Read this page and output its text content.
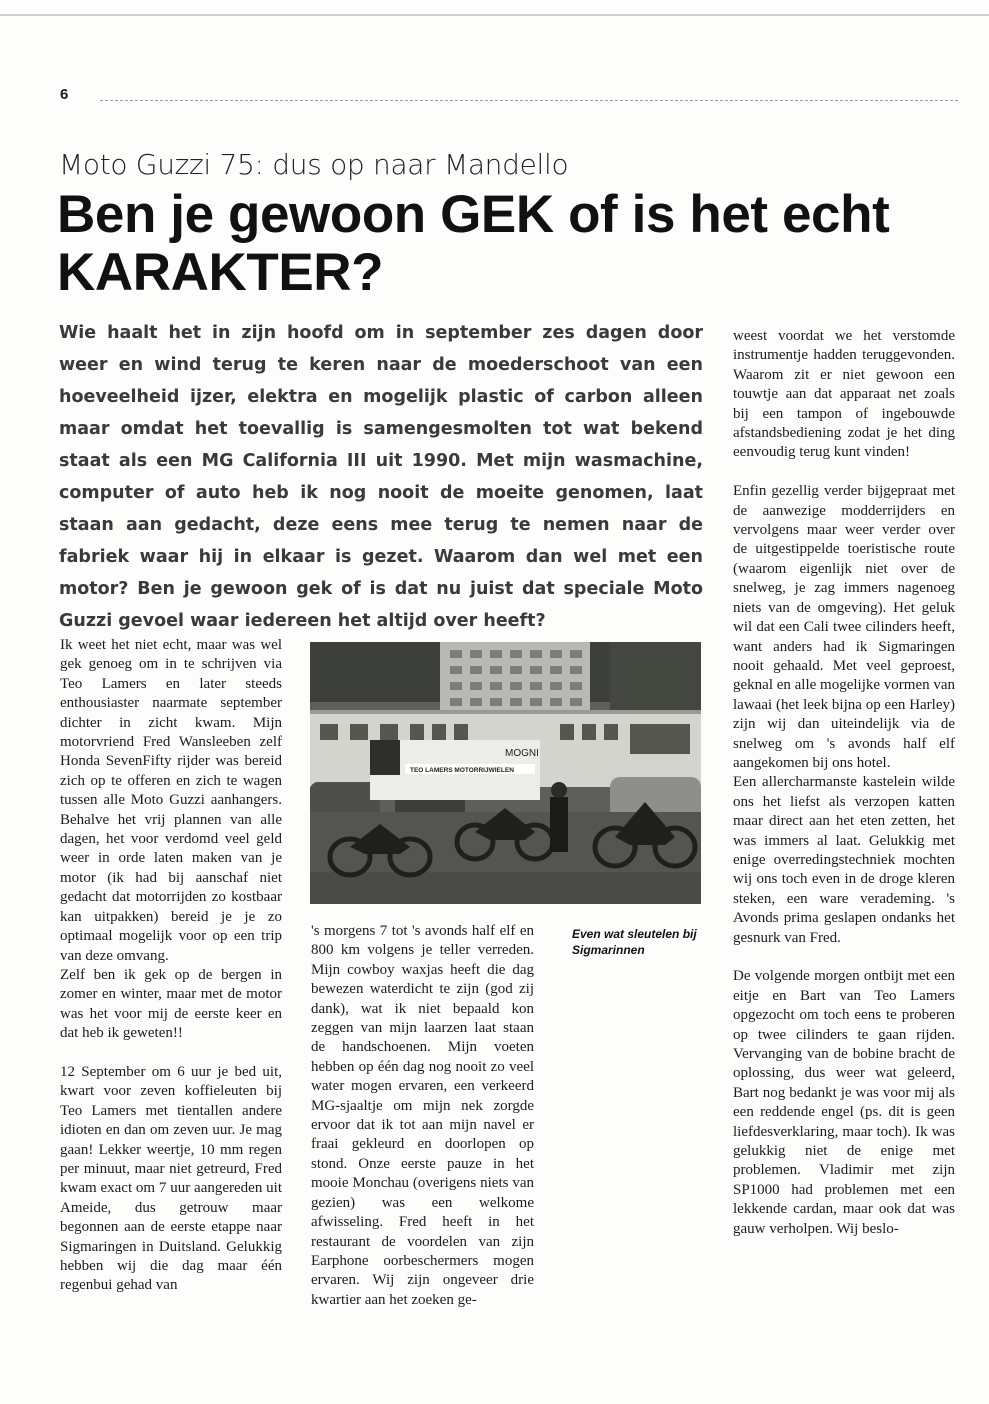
6
Moto Guzzi 75: dus op naar Mandello
Ben je gewoon GEK of is het echt KARAKTER?

Wie haalt het in zijn hoofd om in september zes dagen door weer en wind terug te keren naar de moederschoot van een hoeveelheid ijzer, elektra en mogelijk plastic of carbon alleen maar omdat het toevallig is samengesmolten tot wat bekend staat als een MG California III uit 1990. Met mijn wasmachine, computer of auto heb ik nog nooit de moeite genomen, laat staan aan gedacht, deze eens mee terug te nemen naar de fabriek waar hij in elkaar is gezet. Waarom dan wel met een motor? Ben je gewoon gek of is dat nu juist dat speciale Moto Guzzi gevoel waar iedereen het altijd over heeft?

Ik weet het niet echt, maar was wel gek genoeg om in te schrijven via Teo Lamers en later steeds enthousiaster naarmate september dichter in zicht kwam. Mijn motorvriend Fred Wansleeben zelf Honda SevenFifty rijder was bereid zich op te offeren en zich te wagen tussen alle Moto Guzzi aanhangers. Behalve het vrij plannen van alle dagen, het voor verdomd veel geld weer in orde laten maken van je motor (ik had bij aanschaf niet gedacht dat motorrijden zo kostbaar kan uitpakken) bereid je je zo optimaal mogelijk voor op een trip van deze omvang.
Zelf ben ik gek op de bergen in zomer en winter, maar met de motor was het voor mij de eerste keer en dat heb ik geweten!!

12 September om 6 uur je bed uit, kwart voor zeven koffieleuten bij Teo Lamers met tientallen andere idioten en dan om zeven uur. Je mag gaan! Lekker weertje, 10 mm regen per minuut, maar niet getreurd, Fred kwam exact om 7 uur aangereden uit Ameide, dus getrouw maar begonnen aan de eerste etappe naar Sigmaringen in Duitsland. Gelukkig hebben wij die dag maar één regenbui gehad van
MOGNI
TEO LAMERS MOTORRIJWIELEN
's morgens 7 tot 's avonds half elf en 800 km volgens je teller verreden. Mijn cowboy waxjas heeft die dag bewezen waterdicht te zijn (god zij dank), wat ik niet bepaald kon zeggen van mijn laarzen laat staan de handschoenen. Mijn voeten hebben op één dag nog nooit zo veel water mogen ervaren, een verkeerd MG-sjaaltje om mijn nek zorgde ervoor dat ik tot aan mijn navel er fraai gekleurd en doorlopen op stond. Onze eerste pauze in het mooie Monchau (overigens niets van gezien) was een welkome afwisseling. Fred heeft in het restaurant de voordelen van zijn Earphone oorbeschermers mogen ervaren. Wij zijn ongeveer drie kwartier aan het zoeken ge-
Even wat sleutelen bij Sigmarinnen
weest voordat we het verstomde instrumentje hadden teruggevonden. Waarom zit er niet gewoon een touwtje aan dat apparaat net zoals bij een tampon of ingebouwde afstandsbediening zodat je het ding eenvoudig terug kunt vinden!

Enfin gezellig verder bijgepraat met de aanwezige modderrijders en vervolgens maar weer verder over de uitgestippelde toeristische route (waarom eigenlijk niet over de snelweg, je zag immers nagenoeg niets van de omgeving). Het geluk wil dat een Cali twee cilinders heeft, want anders had ik Sigmaringen nooit gehaald. Met veel geproest, geknal en alle mogelijke vormen van lawaai (het leek bijna op een Harley) zijn wij dan uiteindelijk via de snelweg om 's avonds half elf aangekomen bij ons hotel.
Een allercharmanste kastelein wilde ons het liefst als verzopen katten maar direct aan het eten zetten, het was immers al laat. Gelukkig met enige overredingstechniek mochten wij ons toch even in de droge kleren steken, een ware verademing. 's Avonds prima geslapen ondanks het gesnurk van Fred.

De volgende morgen ontbijt met een eitje en Bart van Teo Lamers opgezocht om toch eens te proberen op twee cilinders te gaan rijden. Vervanging van de bobine bracht de oplossing, dus weer wat geleerd, Bart nog bedankt je was voor mij als een reddende engel (ps. dit is geen liefdesverklaring, maar toch). Ik was gelukkig niet de enige met problemen. Vladimir met zijn SP1000 had problemen met een lekkende cardan, maar ook dat was gauw verholpen. Wij beslo-
